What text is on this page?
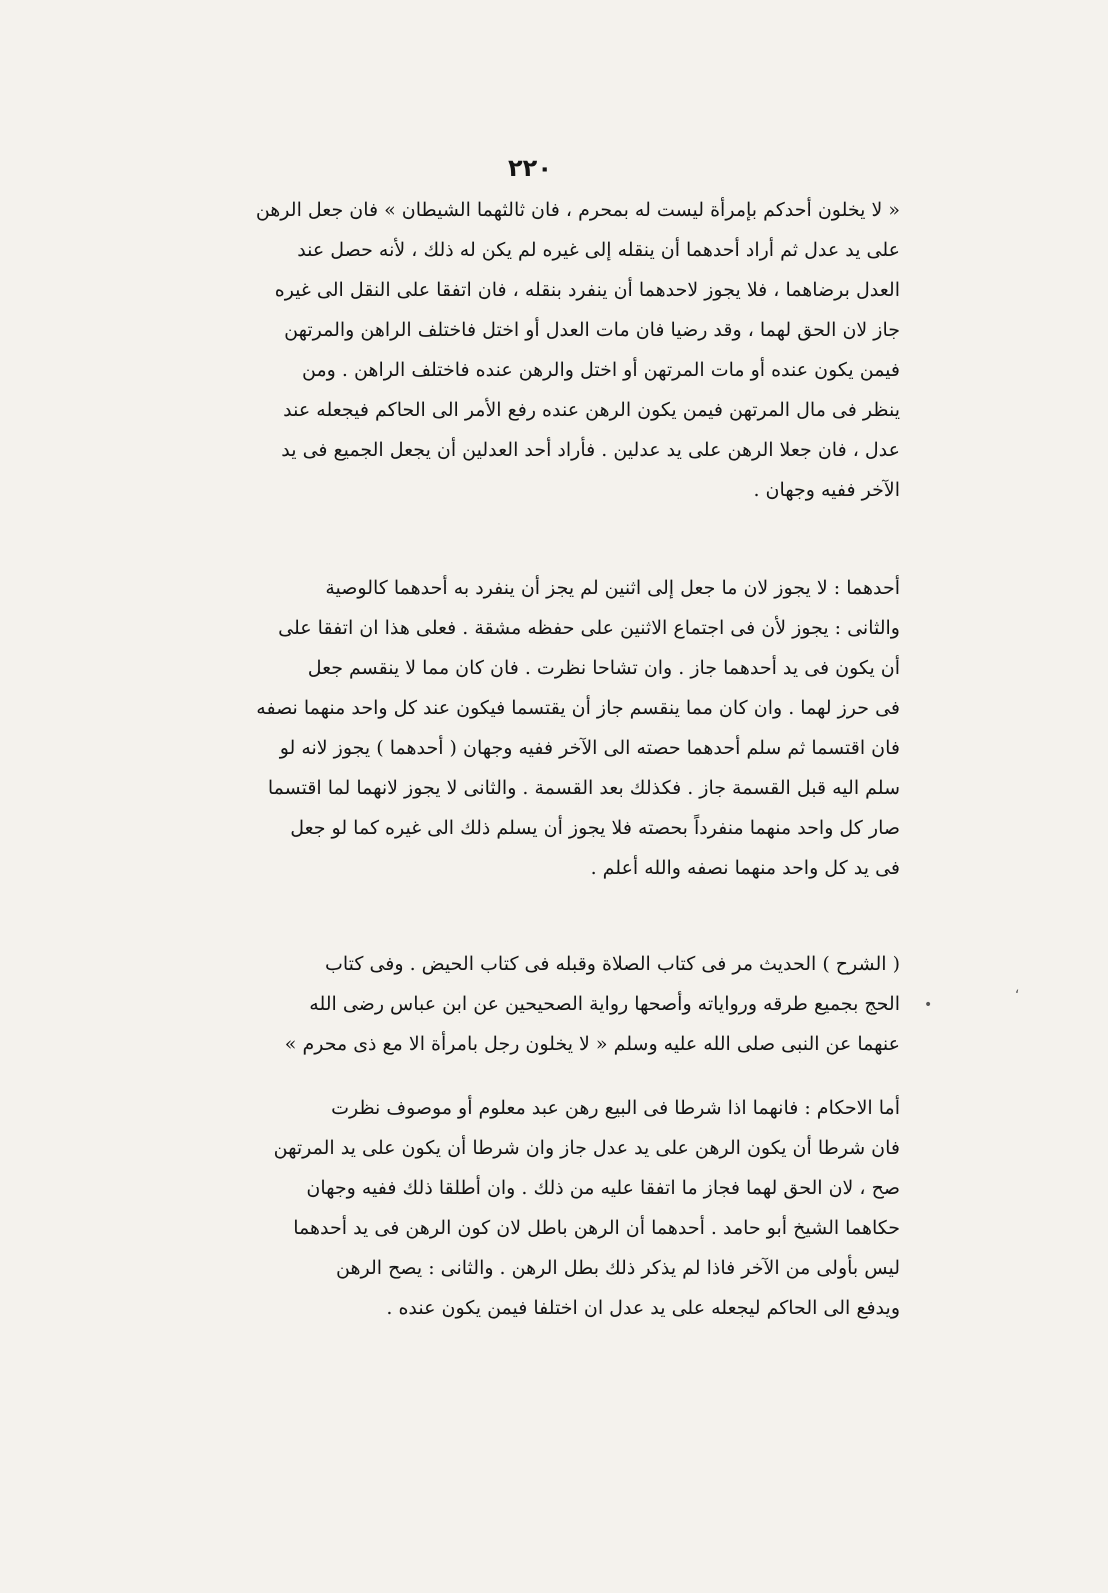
٢٢٠
« لا يخلون أحدكم بإمرأة ليست له بمحرم ، فان ثالثهما الشيطان » فان جعل الرهن
على يد عدل ثم أراد أحدهما أن ينقله إلى غيره لم يكن له ذلك ، لأنه حصل عند
العدل برضاهما ، فلا يجوز لاحدهما أن ينفرد بنقله ، فان اتفقا على النقل الى غيره
جاز لان الحق لهما ، وقد رضيا فان مات العدل أو اختل فاختلف الراهن والمرتهن
فيمن يكون عنده أو مات المرتهن أو اختل والرهن عنده فاختلف الراهن . ومن
ينظر فى مال المرتهن فيمن يكون الرهن عنده رفع الأمر الى الحاكم فيجعله عند
عدل ، فان جعلا الرهن على يد عدلين . فأراد أحد العدلين أن يجعل الجميع فى يد
الآخر ففيه وجهان .
أحدهما : لا يجوز لان ما جعل إلى اثنين لم يجز أن ينفرد به أحدهما كالوصية
والثانى : يجوز لأن فى اجتماع الاثنين على حفظه مشقة . فعلى هذا ان اتفقا على
أن يكون فى يد أحدهما جاز . وان تشاحا نظرت . فان كان مما لا ينقسم جعل
فى حرز لهما . وان كان مما ينقسم جاز أن يقتسما فيكون عند كل واحد منهما نصفه
فان اقتسما ثم سلم أحدهما حصته الى الآخر ففيه وجهان ( أحدهما ) يجوز لانه لو
سلم اليه قبل القسمة جاز . فكذلك بعد القسمة . والثانى لا يجوز لانهما لما اقتسما
صار كل واحد منهما منفرداً بحصته فلا يجوز أن يسلم ذلك الى غيره كما لو جعل
فى يد كل واحد منهما نصفه والله أعلم .
( الشرح ) الحديث مر فى كتاب الصلاة وقبله فى كتاب الحيض . وفى كتاب
الحج بجميع طرقه ورواياته وأصحها رواية الصحيحين عن ابن عباس رضى الله
عنهما عن النبى صلى الله عليه وسلم « لا يخلون رجل بامرأة الا مع ذى محرم »
أما الاحكام : فانهما اذا شرطا فى البيع رهن عبد معلوم أو موصوف نظرت
فان شرطا أن يكون الرهن على يد عدل جاز وان شرطا أن يكون على يد المرتهن
صح ، لان الحق لهما فجاز ما اتفقا عليه من ذلك . وان أطلقا ذلك ففيه وجهان
حكاهما الشيخ أبو حامد . أحدهما أن الرهن باطل لان كون الرهن فى يد أحدهما
ليس بأولى من الآخر فاذا لم يذكر ذلك بطل الرهن . والثانى : يصح الرهن
ويدفع الى الحاكم ليجعله على يد عدل ان اختلفا فيمن يكون عنده .
•
‘
